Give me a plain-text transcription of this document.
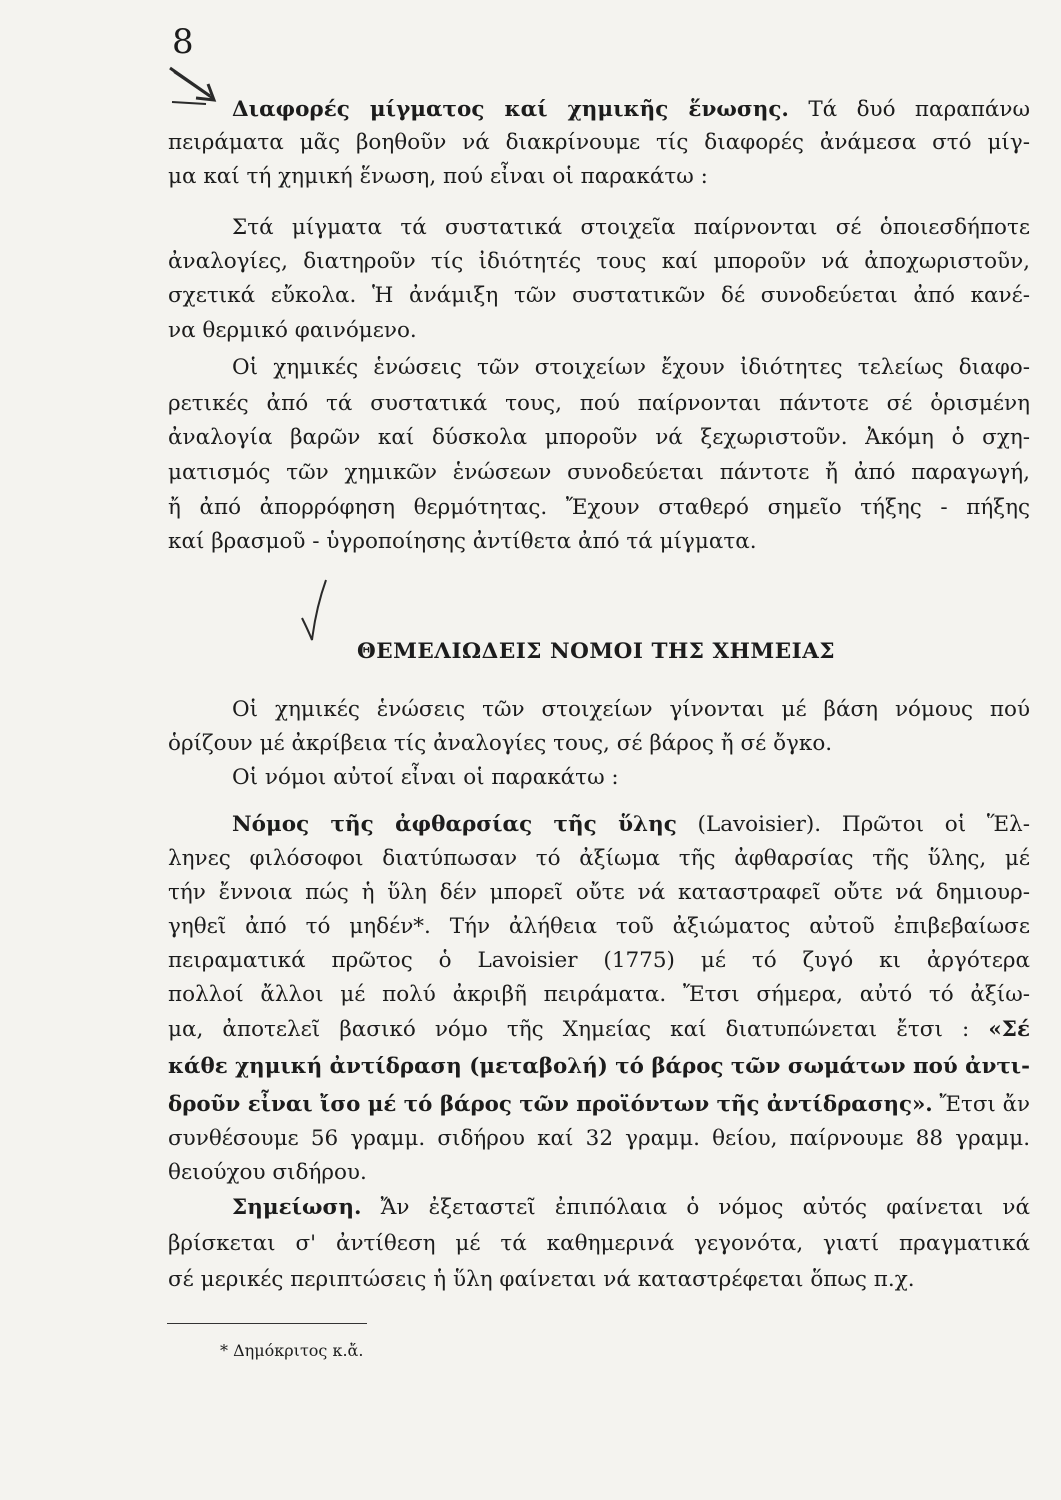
8
Διαφορές μίγματος καί χημικῆς ἕνωσης. Τά δυό παραπάνω
πειράματα μᾶς βοηθοῦν νά διακρίνουμε τίς διαφορές ἀνάμεσα στό μίγ-
μα καί τή χημική ἕνωση, πού εἶναι οἱ παρακάτω :
Στά μίγματα τά συστατικά στοιχεῖα παίρνονται σέ ὁποιεσδήποτε
ἀναλογίες, διατηροῦν τίς ἰδιότητές τους καί μποροῦν νά ἀποχωριστοῦν,
σχετικά εὔκολα. Ἡ ἀνάμιξη τῶν συστατικῶν δέ συνοδεύεται ἀπό κανέ-
να θερμικό φαινόμενο.
Οἱ χημικές ἑνώσεις τῶν στοιχείων ἔχουν ἰδιότητες τελείως διαφο-
ρετικές ἀπό τά συστατικά τους, πού παίρνονται πάντοτε σέ ὁρισμένη
ἀναλογία βαρῶν καί δύσκολα μποροῦν νά ξεχωριστοῦν. Ἀκόμη ὁ σχη-
ματισμός τῶν χημικῶν ἑνώσεων συνοδεύεται πάντοτε ἤ ἀπό παραγωγή,
ἤ ἀπό ἀπορρόφηση θερμότητας. Ἔχουν σταθερό σημεῖο τήξης - πήξης
καί βρασμοῦ - ὑγροποίησης ἀντίθετα ἀπό τά μίγματα.
ΘΕΜΕΛΙΩΔΕΙΣ ΝΟΜΟΙ ΤΗΣ ΧΗΜΕΙΑΣ
Οἱ χημικές ἑνώσεις τῶν στοιχείων γίνονται μέ βάση νόμους πού
ὁρίζουν μέ ἀκρίβεια τίς ἀναλογίες τους, σέ βάρος ἤ σέ ὄγκο.
Οἱ νόμοι αὐτοί εἶναι οἱ παρακάτω :
Νόμος τῆς ἀφθαρσίας τῆς ὕλης (Lavoisier). Πρῶτοι οἱ Ἕλ-
ληνες φιλόσοφοι διατύπωσαν τό ἀξίωμα τῆς ἀφθαρσίας τῆς ὕλης, μέ
τήν ἔννοια πώς ἡ ὕλη δέν μπορεῖ οὔτε νά καταστραφεῖ οὔτε νά δημιουρ-
γηθεῖ ἀπό τό μηδέν*. Τήν ἀλήθεια τοῦ ἀξιώματος αὐτοῦ ἐπιβεβαίωσε
πειραματικά πρῶτος ὁ Lavoisier (1775) μέ τό ζυγό κι ἀργότερα
πολλοί ἄλλοι μέ πολύ ἀκριβῆ πειράματα. Ἔτσι σήμερα, αὐτό τό ἀξίω-
μα, ἀποτελεῖ βασικό νόμο τῆς Χημείας καί διατυπώνεται ἔτσι : «Σέ
κάθε χημική ἀντίδραση (μεταβολή) τό βάρος τῶν σωμάτων πού ἀντι-
δροῦν εἶναι ἴσο μέ τό βάρος τῶν προϊόντων τῆς ἀντίδρασης». Ἔτσι ἄν
συνθέσουμε 56 γραμμ. σιδήρου καί 32 γραμμ. θείου, παίρνουμε 88 γραμμ.
θειούχου σιδήρου.
Σημείωση. Ἄν ἐξεταστεῖ ἐπιπόλαια ὁ νόμος αὐτός φαίνεται νά
βρίσκεται σ' ἀντίθεση μέ τά καθημερινά γεγονότα, γιατί πραγματικά
σέ μερικές περιπτώσεις ἡ ὕλη φαίνεται νά καταστρέφεται ὅπως π.χ.
* Δημόκριτος κ.ἄ.
